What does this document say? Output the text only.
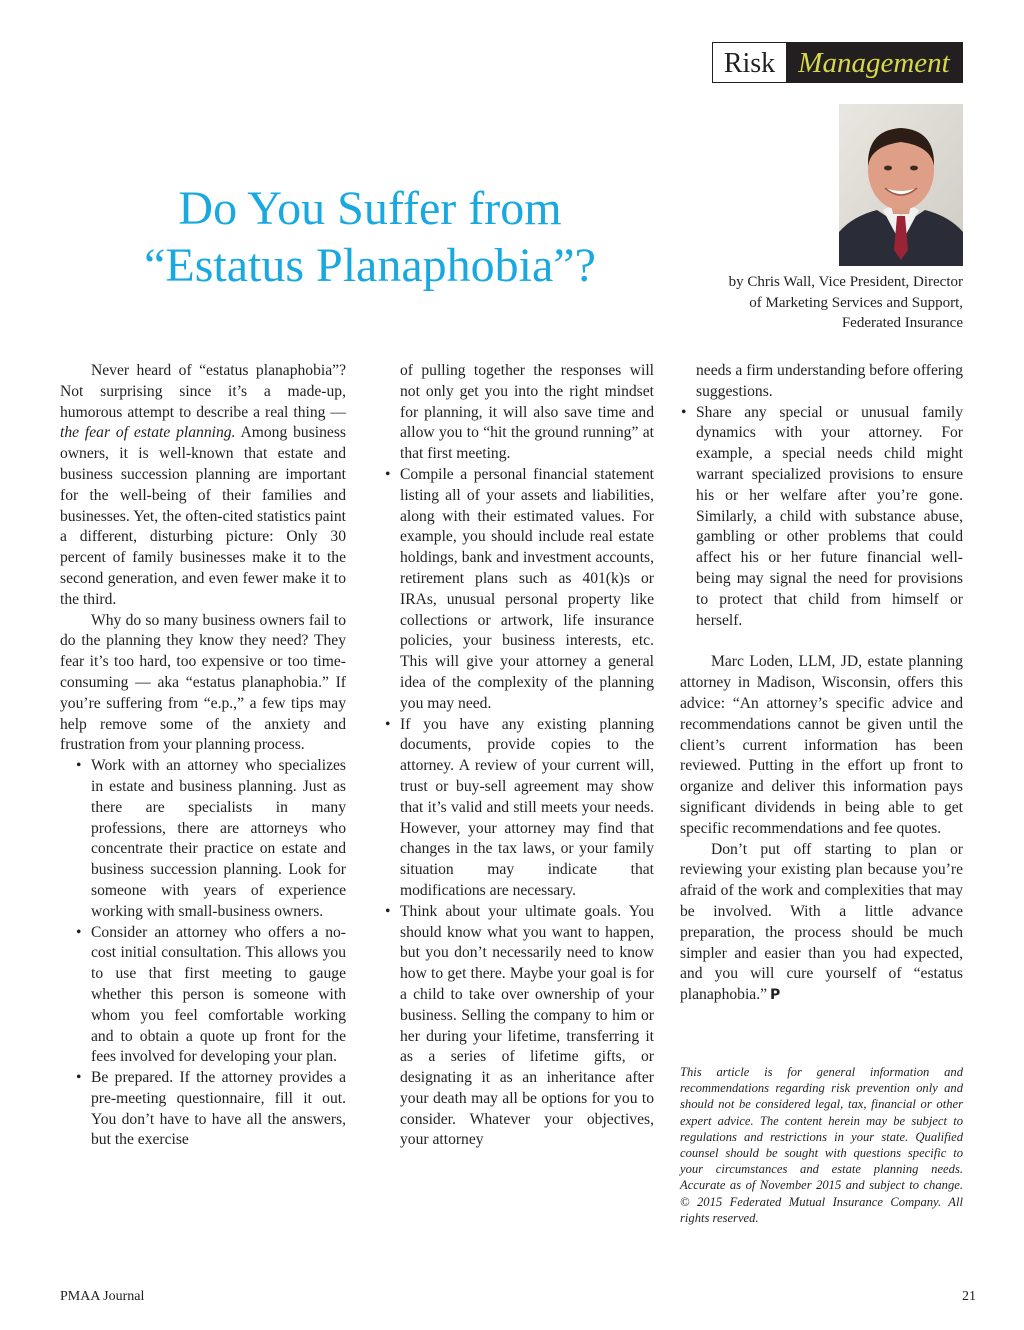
Risk Management
Do You Suffer from
“Estatus Planaphobia”?	by Chris Wall, Vice President, Director
of Marketing Services and Support,
Federated Insurance

Never heard of “estatus planaphobia”? Not surprising since it’s a made-up, humorous attempt to describe a real thing — the fear of estate planning. Among business owners, it is well-known that estate and business succession planning are important for the well-being of their families and businesses. Yet, the often-cited statistics paint a different, disturbing picture: Only 30 percent of family businesses make it to the second generation, and even fewer make it to the third.

Why do so many business owners fail to do the planning they know they need? They fear it’s too hard, too expensive or too time-consuming — aka “estatus planaphobia.” If you’re suffering from “e.p.,” a few tips may help remove some of the anxiety and frustration from your planning process.

• Work with an attorney who specializes in estate and business planning. Just as there are specialists in many professions, there are attorneys who concentrate their practice on estate and business succession planning. Look for someone with years of experience working with small-business owners.
• Consider an attorney who offers a no-cost initial consultation. This allows you to use that first meeting to gauge whether this person is someone with whom you feel comfortable working and to obtain a quote up front for the fees involved for developing your plan.
• Be prepared. If the attorney provides a pre-meeting questionnaire, fill it out. You don’t have to have all the answers, but the exercise

of pulling together the responses will not only get you into the right mindset for planning, it will also save time and allow you to “hit the ground running” at that first meeting.

• Compile a personal financial statement listing all of your assets and liabilities, along with their estimated values. For example, you should include real estate holdings, bank and investment accounts, retirement plans such as 401(k)s or IRAs, unusual personal property like collections or artwork, life insurance policies, your business interests, etc. This will give your attorney a general idea of the complexity of the planning you may need.
• If you have any existing planning documents, provide copies to the attorney. A review of your current will, trust or buy-sell agreement may show that it’s valid and still meets your needs. However, your attorney may find that changes in the tax laws, or your family situation may indicate that modifications are necessary.
• Think about your ultimate goals. You should know what you want to happen, but you don’t necessarily need to know how to get there. Maybe your goal is for a child to take over ownership of your business. Selling the company to him or her during your lifetime, transferring it as a series of lifetime gifts, or designating it as an inheritance after your death may all be options for you to consider. Whatever your objectives, your attorney

needs a firm understanding before offering suggestions.

• Share any special or unusual family dynamics with your attorney. For example, a special needs child might warrant specialized provisions to ensure his or her welfare after you’re gone. Similarly, a child with substance abuse, gambling or other problems that could affect his or her future financial well-being may signal the need for provisions to protect that child from himself or herself.

Marc Loden, LLM, JD, estate planning attorney in Madison, Wisconsin, offers this advice: “An attorney’s specific advice and recommendations cannot be given until the client’s current information has been reviewed. Putting in the effort up front to organize and deliver this information pays significant dividends in being able to get specific recommendations and fee quotes.

Don’t put off starting to plan or reviewing your existing plan because you’re afraid of the work and complexities that may be involved. With a little advance preparation, the process should be much simpler and easier than you had expected, and you will cure yourself of “estatus planaphobia.” P

This article is for general information and recommendations regarding risk prevention only and should not be considered legal, tax, financial or other expert advice. The content herein may be subject to regulations and restrictions in your state. Qualified counsel should be sought with questions specific to your circumstances and estate planning needs. Accurate as of November 2015 and subject to change. © 2015 Federated Mutual Insurance Company. All rights reserved.

PMAA Journal	21
